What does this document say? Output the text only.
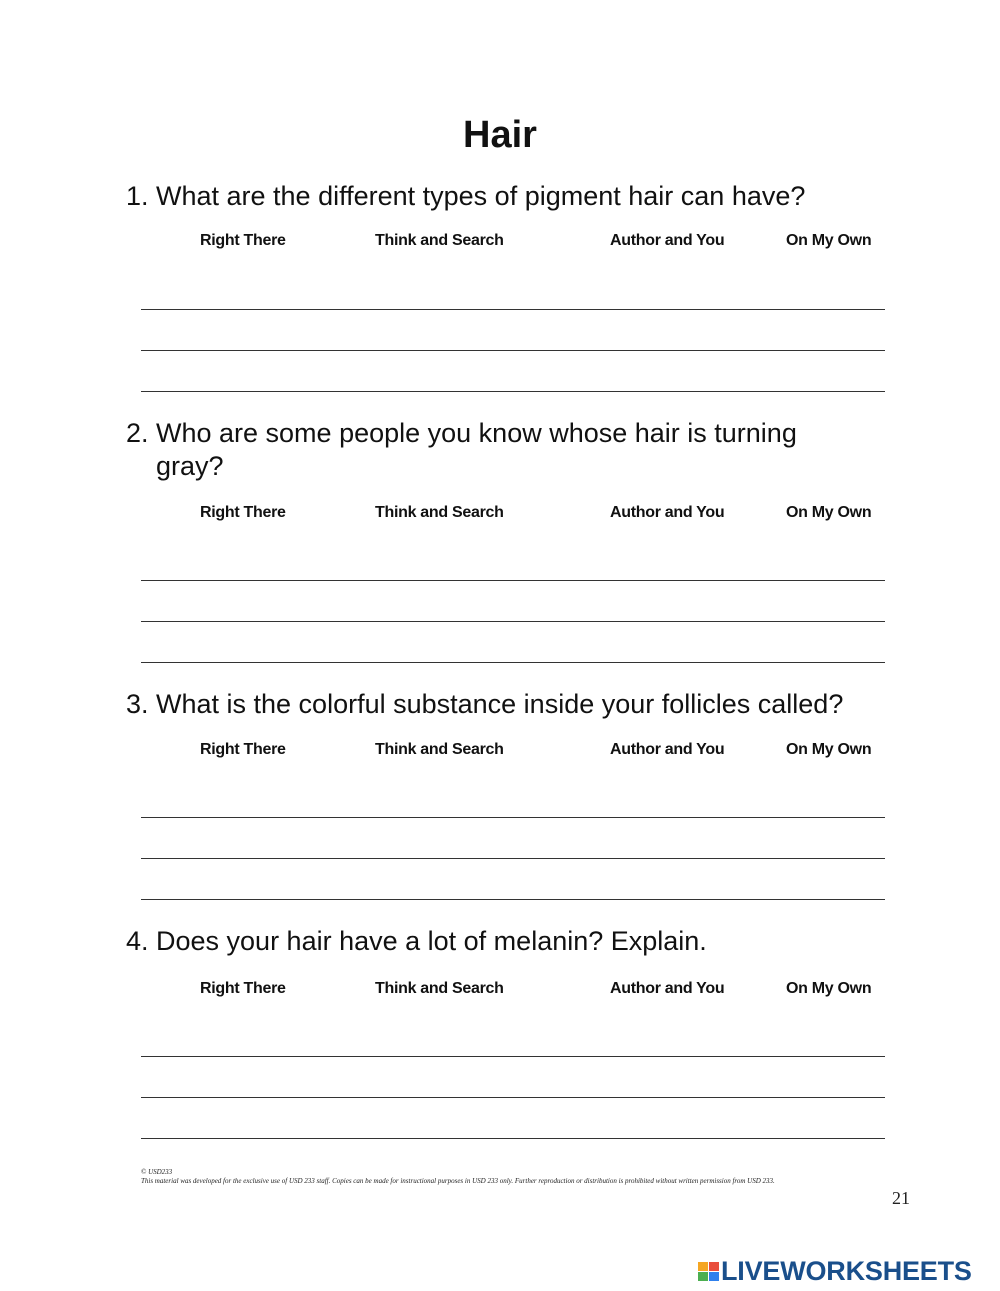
Hair
1. What are the different types of pigment hair can have?
Right There	Think and Search	Author and You	On My Own
2. Who are some people you know whose hair is turning gray?
Right There	Think and Search	Author and You	On My Own
3. What is the colorful substance inside your follicles called?
Right There	Think and Search	Author and You	On My Own
4. Does your hair have a lot of melanin? Explain.
Right There	Think and Search	Author and You	On My Own
© USD233
This material was developed for the exclusive use of USD 233 staff. Copies can be made for instructional purposes in USD 233 only. Further reproduction or distribution is prohibited without written permission from USD 233.
21
LIVEWORKSHEETS
